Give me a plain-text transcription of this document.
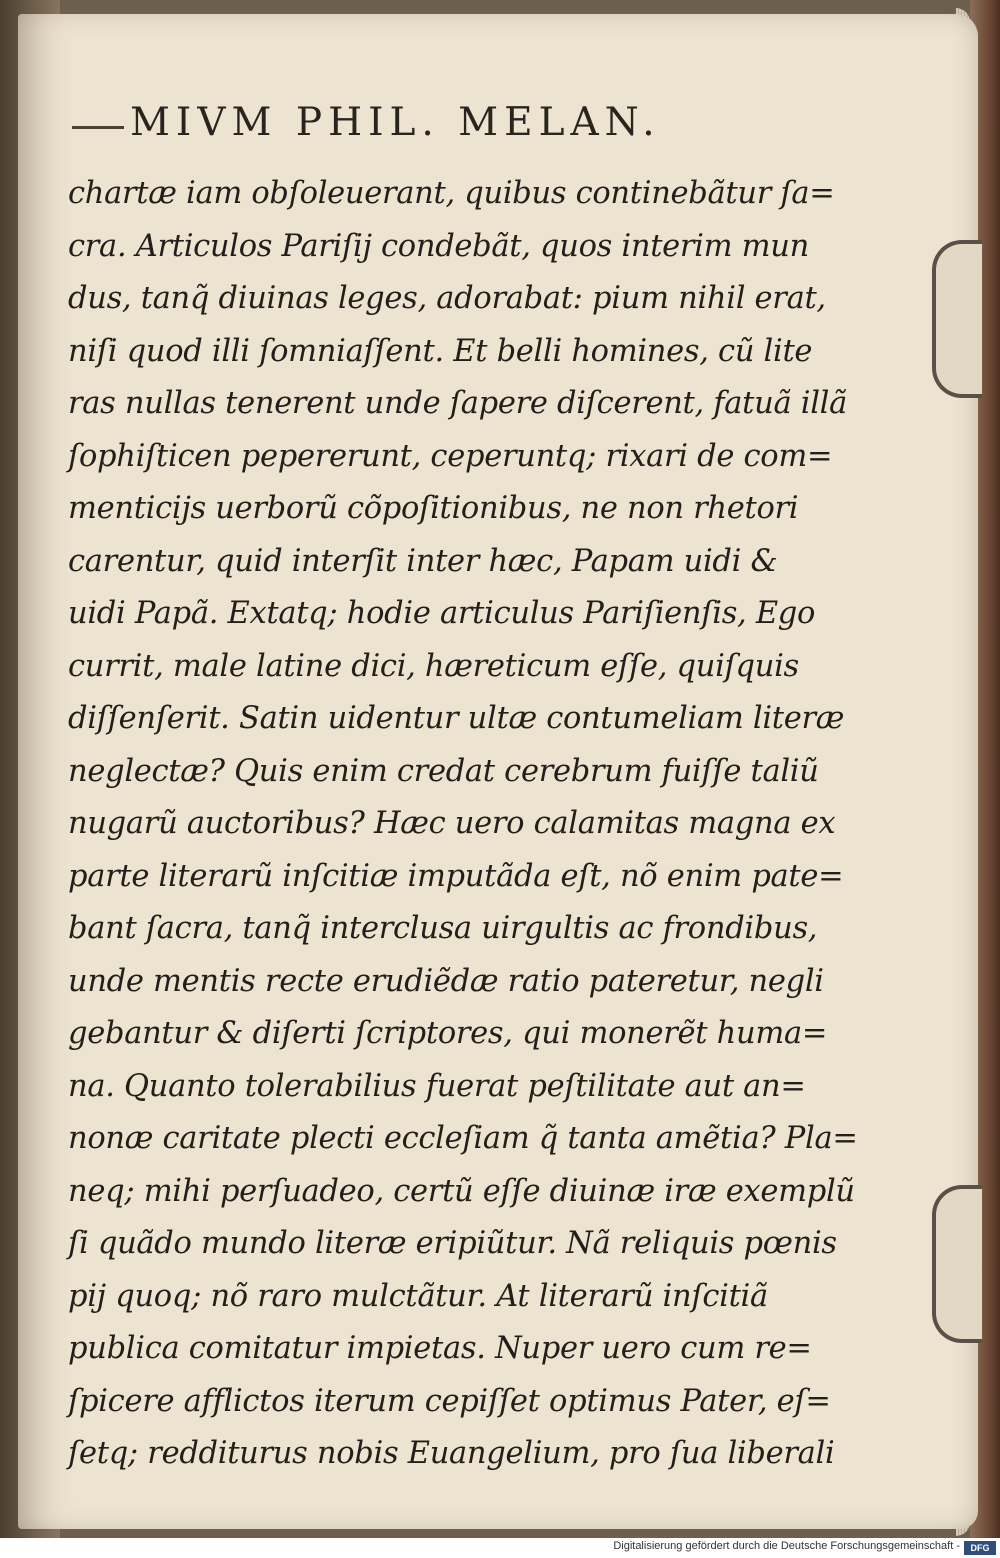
MIVM PHIL. MELAN.
chartæ iam obſoleuerant, quibus continebãtur ſa=
cra. Articulos Pariſij condebãt, quos interim mun
dus, tanq̃ diuinas leges, adorabat: pium nihil erat,
niſi quod illi ſomniaſſent. Et belli homines, cũ lite
ras nullas tenerent unde ſapere diſcerent, fatuã illã
ſophiſticen pepererunt, ceperuntq; rixari de com=
menticijs uerborũ cõpoſitionibus, ne non rhetori
carentur, quid interſit inter hæc, Papam uidi &
uidi Papã. Extatq; hodie articulus Pariſienſis, Ego
currit, male latine dici, hæreticum eſſe, quiſquis
diſſenſerit. Satin uidentur ultæ contumeliam literæ
neglectæ? Quis enim credat cerebrum fuiſſe taliũ
nugarũ auctoribus? Hæc uero calamitas magna ex
parte literarũ inſcitiæ imputãda eſt, nõ enim pate=
bant ſacra, tanq̃ interclusa uirgultis ac frondibus,
unde mentis recte erudiẽdæ ratio pateretur, negli
gebantur & diſerti ſcriptores, qui monerẽt huma=
na. Quanto tolerabilius fuerat peſtilitate aut an=
nonæ caritate plecti eccleſiam q̃ tanta amẽtia? Pla=
neq; mihi perſuadeo, certũ eſſe diuinæ iræ exemplũ
ſi quãdo mundo literæ eripiũtur. Nã reliquis pœnis
pij quoq; nõ raro mulctãtur. At literarũ inſcitiã
publica comitatur impietas. Nuper uero cum re=
ſpicere afflictos iterum cepiſſet optimus Pater, eſ=
ſetq; redditurus nobis Euangelium, pro ſua liberali
Digitalisierung gefördert durch die Deutsche Forschungsgemeinschaft -	DFG
